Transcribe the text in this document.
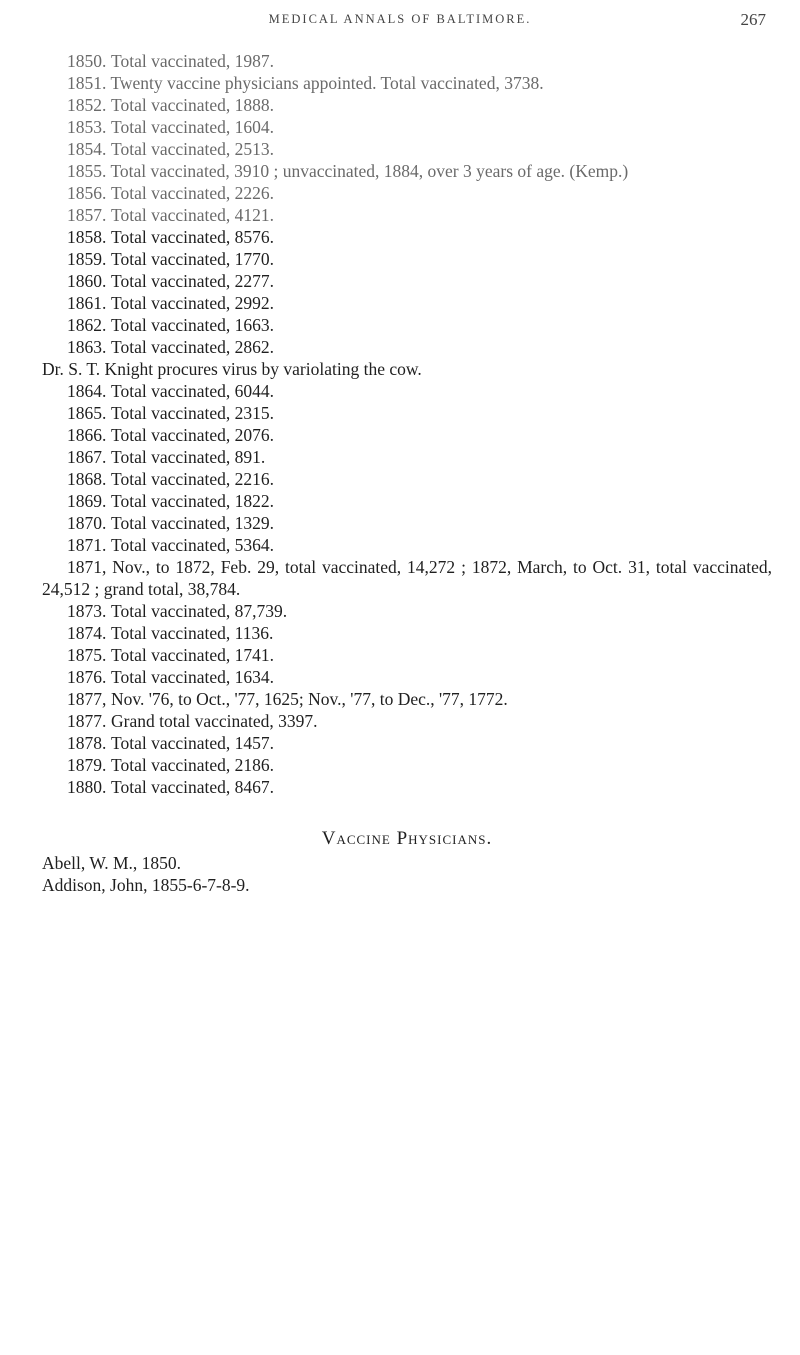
MEDICAL ANNALS OF BALTIMORE.	267
1850. Total vaccinated, 1987.
1851. Twenty vaccine physicians appointed. Total vaccinated, 3738.
1852. Total vaccinated, 1888.
1853. Total vaccinated, 1604.
1854. Total vaccinated, 2513.
1855. Total vaccinated, 3910 ; unvaccinated, 1884, over 3 years of age. (Kemp.)
1856. Total vaccinated, 2226.
1857. Total vaccinated, 4121.
1858. Total vaccinated, 8576.
1859. Total vaccinated, 1770.
1860. Total vaccinated, 2277.
1861. Total vaccinated, 2992.
1862. Total vaccinated, 1663.
1863. Total vaccinated, 2862.
Dr. S. T. Knight procures virus by variolating the cow.
1864. Total vaccinated, 6044.
1865. Total vaccinated, 2315.
1866. Total vaccinated, 2076.
1867. Total vaccinated, 891.
1868. Total vaccinated, 2216.
1869. Total vaccinated, 1822.
1870. Total vaccinated, 1329.
1871. Total vaccinated, 5364.
1871, Nov., to 1872, Feb. 29, total vaccinated, 14,272 ; 1872, March, to Oct. 31, total vaccinated, 24,512 ; grand total, 38,784.
1873. Total vaccinated, 87,739.
1874. Total vaccinated, 1136.
1875. Total vaccinated, 1741.
1876. Total vaccinated, 1634.
1877, Nov. '76, to Oct., '77, 1625; Nov., '77, to Dec., '77, 1772.
1877. Grand total vaccinated, 3397.
1878. Total vaccinated, 1457.
1879. Total vaccinated, 2186.
1880. Total vaccinated, 8467.
Vaccine Physicians.
Abell, W. M., 1850.
Addison, John, 1855-6-7-8-9.
